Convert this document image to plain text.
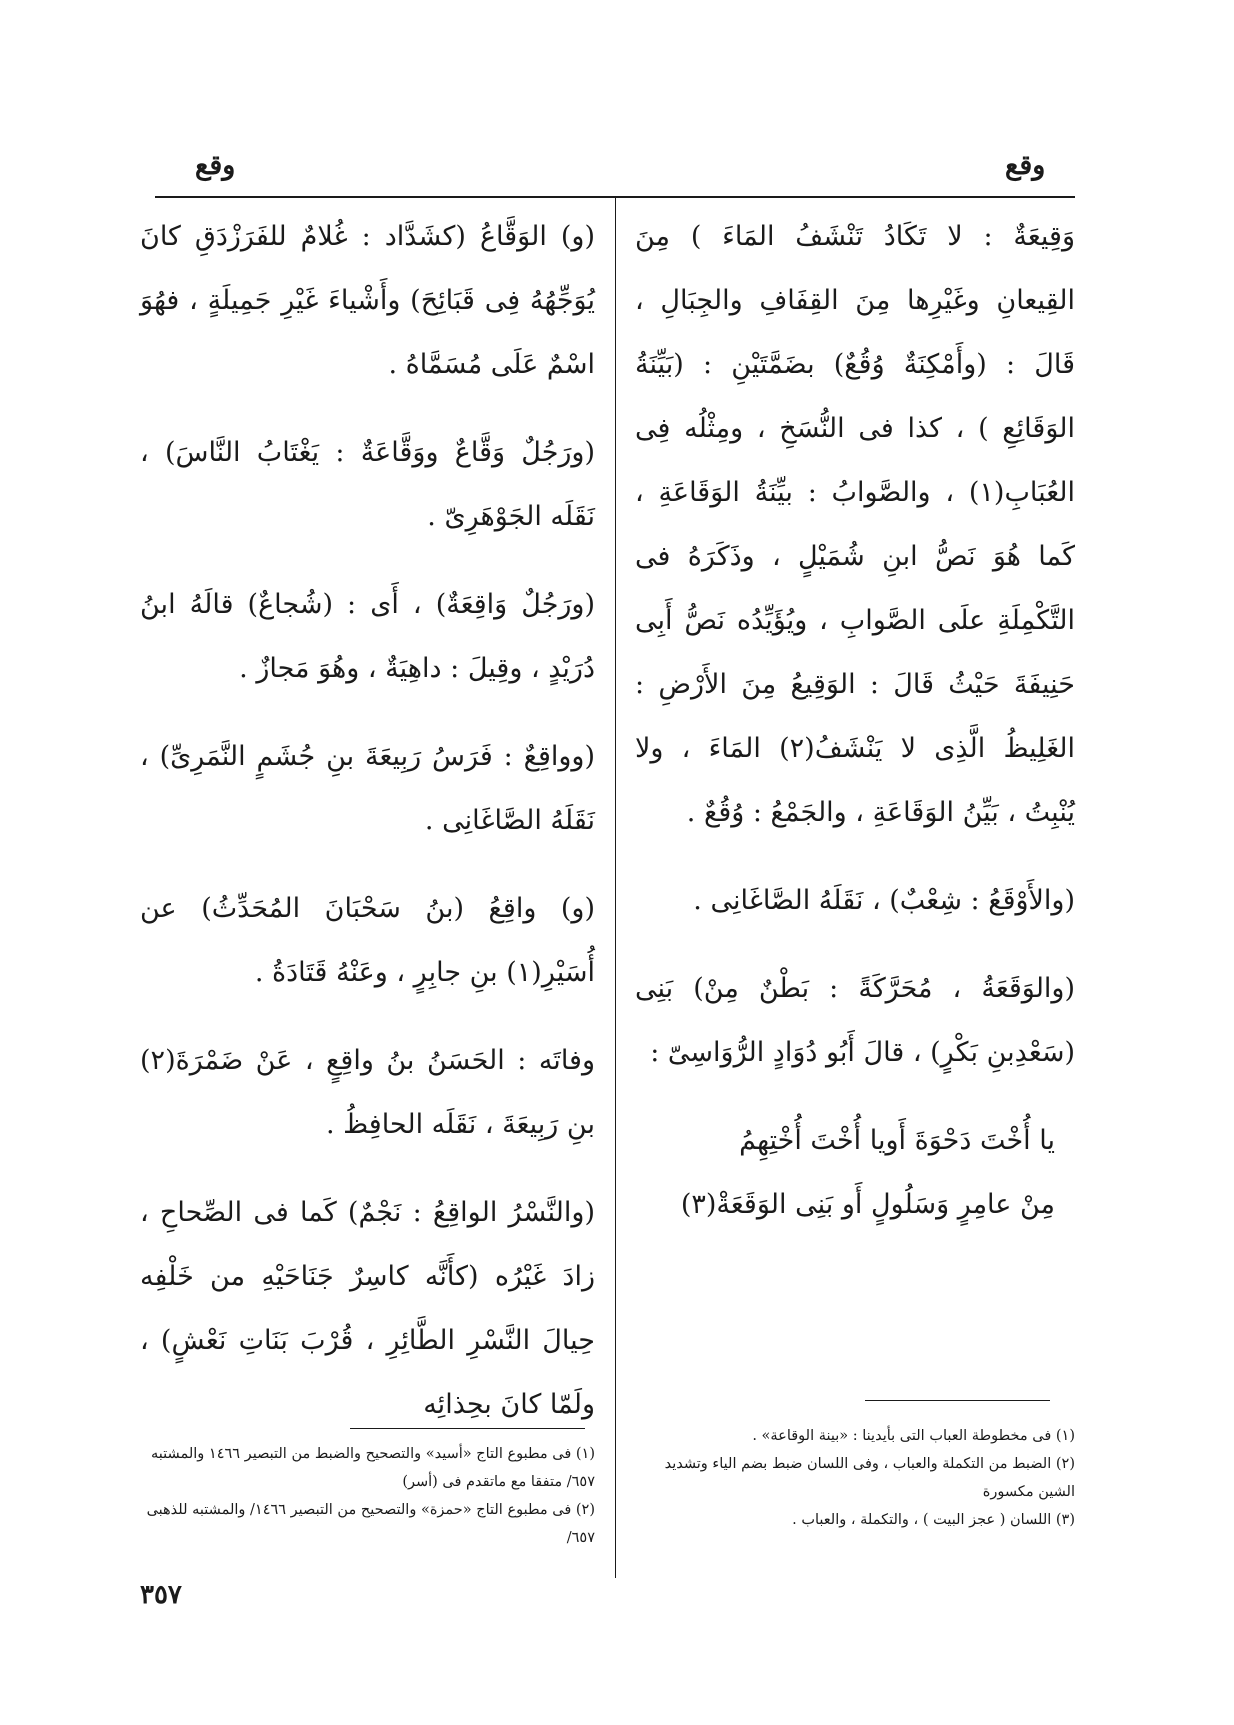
وقع
وقع

وَقِيعَةٌ : لا تَكَادُ تَنْشَفُ المَاءَ ) مِنَ القِيعانِ وغَيْرِها مِنَ القِفَافِ والجِبَالِ ، قَالَ : (وأَمْكِنَةٌ وُقُعٌ) بضَمَّتَيْنِ : (بَيِّنَةُ الوَقَائِعِ ) ، كذا فى النُّسَخِ ، ومِثْلُه فِى العُبَابِ(١) ، والصَّوابُ : بيِّنَةُ الوَقَاعَةِ ، كَما هُوَ نَصُّ ابنِ شُمَيْلٍ ، وذَكَرَهُ فى التَّكْمِلَةِ علَى الصَّوابِ ، ويُؤَيِّدُه نَصُّ أَبِى حَنِيفَةَ حَيْثُ قَالَ : الوَقِيعُ مِنَ الأَرْضِ : الغَلِيظُ الَّذِى لا يَنْشَفُ(٢) المَاءَ ، ولا يُنْبِتُ ، بَيِّنُ الوَقَاعَةِ ، والجَمْعُ : وُقُعٌ .

(والأَوْقَعُ : شِعْبٌ) ، نَقَلَهُ الصَّاغَانِى .

(والوَقَعَةُ ، مُحَرَّكَةً : بَطْنٌ مِنْ) بَنِى (سَعْدِبنِ بَكْرٍ) ، قالَ أَبُو دُوَادٍ الرُّوَاسِىّ :

يا أُخْتَ دَحْوَةَ أَويا أُخْتَ أُخْتِهِمُ

مِنْ عامِرٍ وَسَلُولٍ أَو بَنِى الوَقَعَةْ(٣)

(و) الوَقَّاعُ (كشَدَّاد : غُلامٌ للفَرَزْدَقِ كانَ يُوَجِّهُهُ فِى قَبَائِحَ) وأَشْياءَ غَيْرِ جَمِيلَةٍ ، فهُوَ اسْمٌ عَلَى مُسَمَّاهُ .

(ورَجُلٌ وَقَّاعٌ ووَقَّاعَةٌ : يَغْتَابُ النَّاسَ) ، نَقَلَه الجَوْهَرِىّ .

(ورَجُلٌ وَاقِعَةٌ) ، أَى : (شُجاعٌ) قالَهُ ابنُ دُرَيْدٍ ، وقِيلَ : داهِيَةٌ ، وهُوَ مَجازٌ .

(وواقِعٌ : فَرَسُ رَبِيعَةَ بنِ جُشَمٍ النَّمَرِىِّ) ، نَقَلَهُ الصَّاغَانِى .

(و) واقِعُ (بنُ سَحْبَانَ المُحَدِّثُ) عن أُسَيْرِ(١) بنِ جابِرٍ ، وعَنْهُ قَتَادَةُ .

وفاتَه : الحَسَنُ بنُ واقِعٍ ، عَنْ ضَمْرَةَ(٢) بنِ رَبِيعَةَ ، نَقَلَه الحافِظُ .

(والنَّسْرُ الواقِعُ : نَجْمٌ) كَما فى الصِّحاحِ ، زادَ غَيْرُه (كأَنَّه كاسِرٌ جَنَاحَيْهِ من خَلْفِه حِيالَ النَّسْرِ الطَّائِرِ ، قُرْبَ بَنَاتِ نَعْشٍ) ، ولَمّا كانَ بحِذائِه

(١) فى مخطوطة العباب التى بأيدينا : «بينة الوقاعة» .

(٢) الضبط من التكملة والعباب ، وفى اللسان ضبط بضم الياء وتشديد الشين مكسورة

(٣) اللسان ( عجز البيت ) ، والتكملة ، والعباب .

(١) فى مطبوع التاج «أسيد» والتصحيح والضبط من التبصير ١٤٦٦ والمشتبه ٦٥٧/ متفقا مع ماتقدم فى (أسر)

(٢) فى مطبوع التاج «حمزة» والتصحيح من التبصير ١٤٦٦/ والمشتبه للذهبى ٦٥٧/

٣٥٧
